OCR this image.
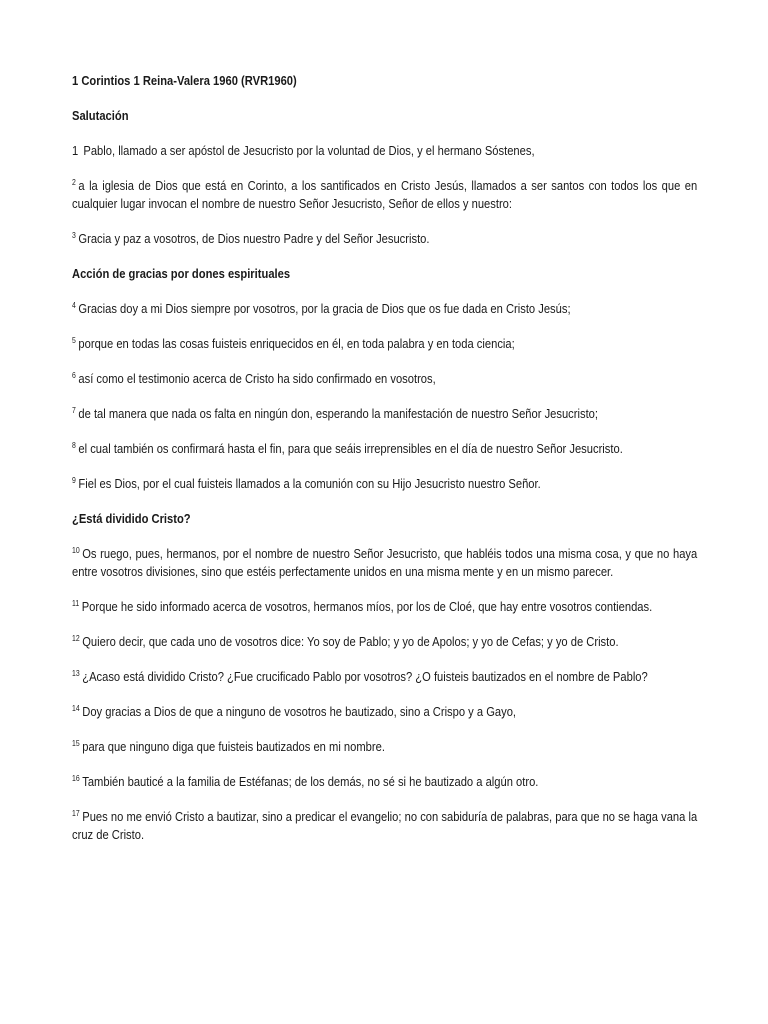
1 Corintios 1 Reina-Valera 1960 (RVR1960)

Salutación

1 Pablo, llamado a ser apóstol de Jesucristo por la voluntad de Dios, y el hermano Sóstenes,

$^2$ a la iglesia de Dios que está en Corinto, a los santificados en Cristo Jesús, llamados a ser santos con todos los que en cualquier lugar invocan el nombre de nuestro Señor Jesucristo, Señor de ellos y nuestro:

$^3$ Gracia y paz a vosotros, de Dios nuestro Padre y del Señor Jesucristo.

Acción de gracias por dones espirituales

$^4$ Gracias doy a mi Dios siempre por vosotros, por la gracia de Dios que os fue dada en Cristo Jesús;

$^5$ porque en todas las cosas fuisteis enriquecidos en él, en toda palabra y en toda ciencia;

$^6$ así como el testimonio acerca de Cristo ha sido confirmado en vosotros,

$^7$ de tal manera que nada os falta en ningún don, esperando la manifestación de nuestro Señor Jesucristo;

$^8$ el cual también os confirmará hasta el fin, para que seáis irreprensibles en el día de nuestro Señor Jesucristo.

$^9$ Fiel es Dios, por el cual fuisteis llamados a la comunión con su Hijo Jesucristo nuestro Señor.

¿Está dividido Cristo?

$^{10}$ Os ruego, pues, hermanos, por el nombre de nuestro Señor Jesucristo, que habléis todos una misma cosa, y que no haya entre vosotros divisiones, sino que estéis perfectamente unidos en una misma mente y en un mismo parecer.

$^{11}$ Porque he sido informado acerca de vosotros, hermanos míos, por los de Cloé, que hay entre vosotros contiendas.

$^{12}$ Quiero decir, que cada uno de vosotros dice: Yo soy de Pablo; y yo de Apolos; y yo de Cefas; y yo de Cristo.

$^{13}$ ¿Acaso está dividido Cristo? ¿Fue crucificado Pablo por vosotros? ¿O fuisteis bautizados en el nombre de Pablo?

$^{14}$ Doy gracias a Dios de que a ninguno de vosotros he bautizado, sino a Crispo y a Gayo,

$^{15}$ para que ninguno diga que fuisteis bautizados en mi nombre.

$^{16}$ También bauticé a la familia de Estéfanas; de los demás, no sé si he bautizado a algún otro.

$^{17}$ Pues no me envió Cristo a bautizar, sino a predicar el evangelio; no con sabiduría de palabras, para que no se haga vana la cruz de Cristo.
